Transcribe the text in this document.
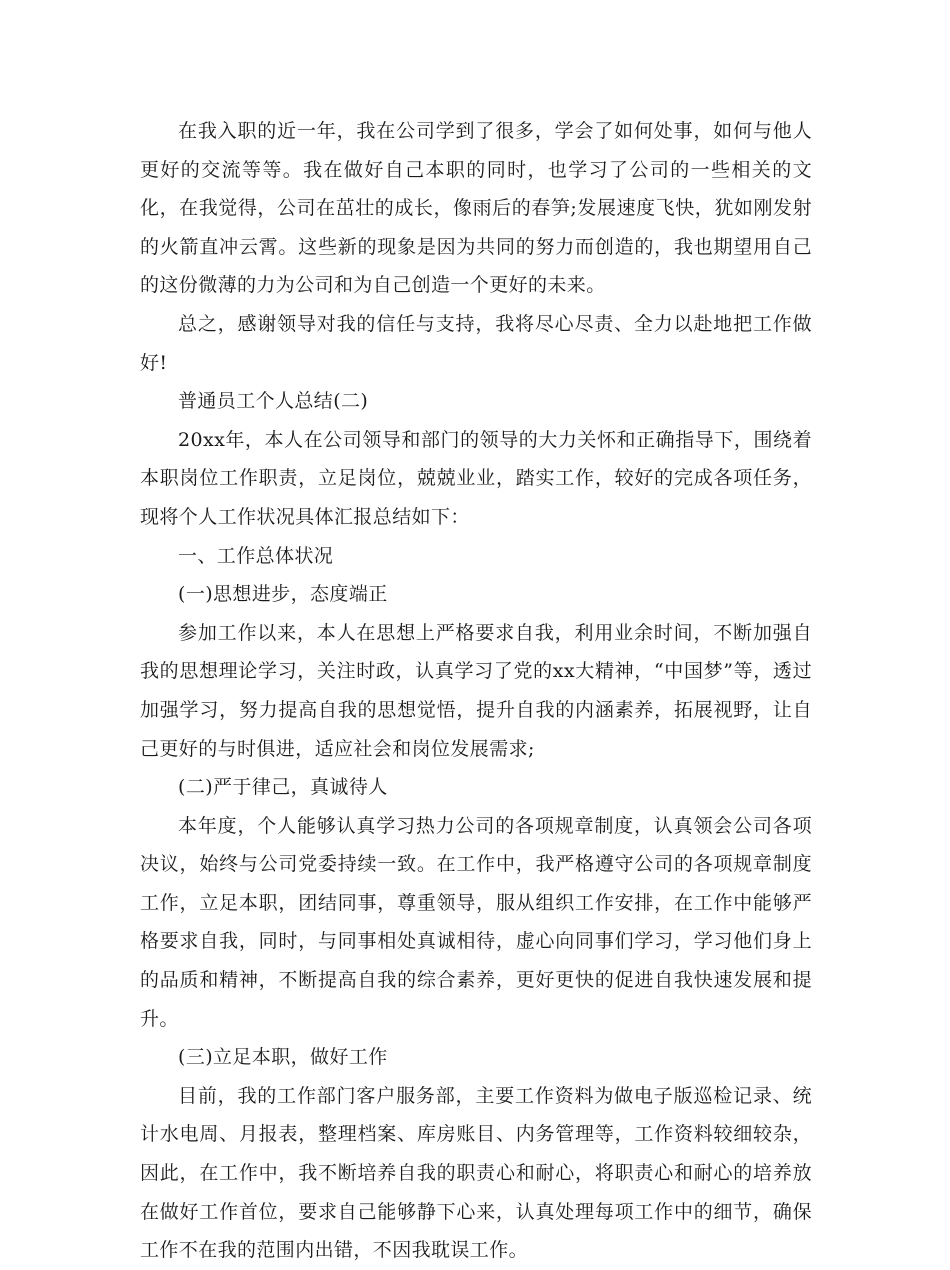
在我入职的近一年，我在公司学到了很多，学会了如何处事，如何与他人更好的交流等等。我在做好自己本职的同时，也学习了公司的一些相关的文化，在我觉得，公司在茁壮的成长，像雨后的春笋;发展速度飞快，犹如刚发射的火箭直冲云霄。这些新的现象是因为共同的努力而创造的，我也期望用自己的这份微薄的力为公司和为自己创造一个更好的未来。

总之，感谢领导对我的信任与支持，我将尽心尽责、全力以赴地把工作做好!

普通员工个人总结(二)

20xx年，本人在公司领导和部门的领导的大力关怀和正确指导下，围绕着本职岗位工作职责，立足岗位，兢兢业业，踏实工作，较好的完成各项任务，现将个人工作状况具体汇报总结如下：

一、工作总体状况

(一)思想进步，态度端正

参加工作以来，本人在思想上严格要求自我，利用业余时间，不断加强自我的思想理论学习，关注时政，认真学习了党的xx大精神，“中国梦”等，透过加强学习，努力提高自我的思想觉悟，提升自我的内涵素养，拓展视野，让自己更好的与时俱进，适应社会和岗位发展需求;

(二)严于律己，真诚待人

本年度，个人能够认真学习热力公司的各项规章制度，认真领会公司各项决议，始终与公司党委持续一致。在工作中，我严格遵守公司的各项规章制度工作，立足本职，团结同事，尊重领导，服从组织工作安排，在工作中能够严格要求自我，同时，与同事相处真诚相待，虚心向同事们学习，学习他们身上的品质和精神，不断提高自我的综合素养，更好更快的促进自我快速发展和提升。

(三)立足本职，做好工作

目前，我的工作部门客户服务部，主要工作资料为做电子版巡检记录、统计水电周、月报表，整理档案、库房账目、内务管理等，工作资料较细较杂，因此，在工作中，我不断培养自我的职责心和耐心，将职责心和耐心的培养放在做好工作首位，要求自己能够静下心来，认真处理每项工作中的细节，确保工作不在我的范围内出错，不因我耽误工作。
